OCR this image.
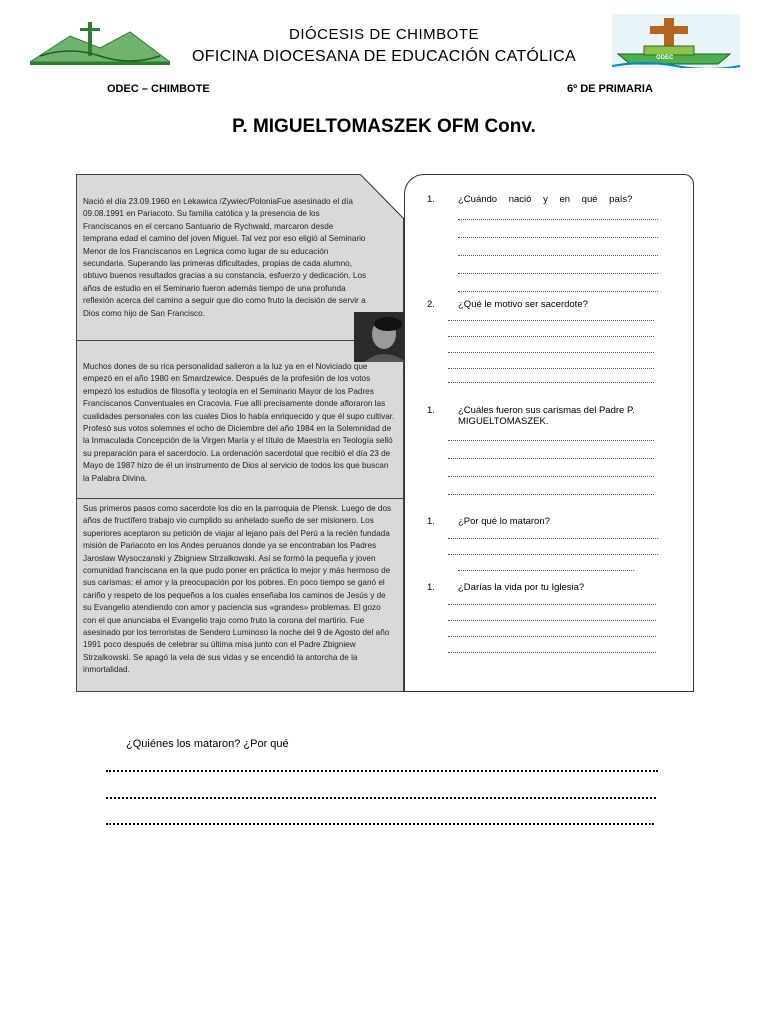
ODEC
DIÓCESIS DE CHIMBOTE
OFICINA DIOCESANA DE EDUCACIÓN CATÓLICA
ODEC – CHIMBOTE	6º DE PRIMARIA
P. MIGUELTOMASZEK OFM Conv.
Nació el día 23.09.1960 en Lekawica /Zywiec/PoloniaFue asesinado el día 09.08.1991 en Pariacoto. Su familia católica y la presencia de los Franciscanos en el cercano Santuario de Rychwald, marcaron desde temprana edad el camino del joven Miguel. Tal vez por eso eligió al Seminario Menor de los Franciscanos en Legnica como lugar de su educación secundaria. Superando las primeras dificultades, propias de cada alumno, obtuvo buenos resultados gracias a su constancia, esfuerzo y dedicación. Los años de estudio en el Seminario fueron además tiempo de una profunda reflexión acerca del camino a seguir que dio como fruto la decisión de servir a Dios como hijo de San Francisco.
Muchos dones de su rica personalidad salieron a la luz ya en el Noviciado que empezó en el año 1980 en Smardzewice. Después de la profesión de los votos empezó los estudios de filosofía y teología en el Seminario Mayor de los Padres Franciscanos Conventuales en Cracovia. Fue allí precisamente donde afloraron las cualidades personales con las cuales Dios lo había enriquecido y que él supo cultivar. Profesó sus votos solemnes el ocho de Diciembre del año 1984 en la Solemnidad de la Inmaculada Concepción de la Virgen María y el título de Maestría en Teología selló su preparación para el sacerdocio. La ordenación sacerdotal que recibió el día 23 de Mayo de 1987 hizo de él un instrumento de Dios al servicio de todos los que buscan la Palabra Divina.
Sus primeros pasos como sacerdote los dio en la parroquia de Piensk. Luego de dos años de fructífero trabajo vio cumplido su anhelado sueño de ser misionero. Los superiores aceptaron su petición de viajar al lejano país del Perú a la recién fundada misión de Pariacoto en los Andes peruanos donde ya se encontraban los Padres Jaroslaw Wysoczanski y Zbigniew Strzalkowski. Así se formó la pequeña y joven comunidad franciscana en la que pudo poner en práctica lo mejor y más hermoso de sus carismas: el amor y la preocupación por los pobres. En poco tiempo se ganó el cariño y respeto de los pequeños a los cuales enseñaba los caminos de Jesús y de su Evangelio atendiendo con amor y paciencia sus «grandes» problemas. El gozo con el que anunciaba el Evangelio trajo como fruto la corona del martirio. Fue asesinado por los terroristas de Sendero Luminoso la noche del 9 de Agosto del año 1991 poco después de celebrar su última misa junto con el Padre Zbigniew Strzalkowski. Se apagó la vela de sus vidas y se encendió la antorcha de la inmortalidad.
1. ¿Cuándo nació y en qué país?
2. ¿Qué le motivo ser sacerdote?
1. ¿Cuáles fueron sus carismas del Padre P. MIGUELTOMASZEK.
1. ¿Por qué lo mataron?
1. ¿Darías la vida por tu Iglesia?
¿Quiénes los mataron? ¿Por qué
